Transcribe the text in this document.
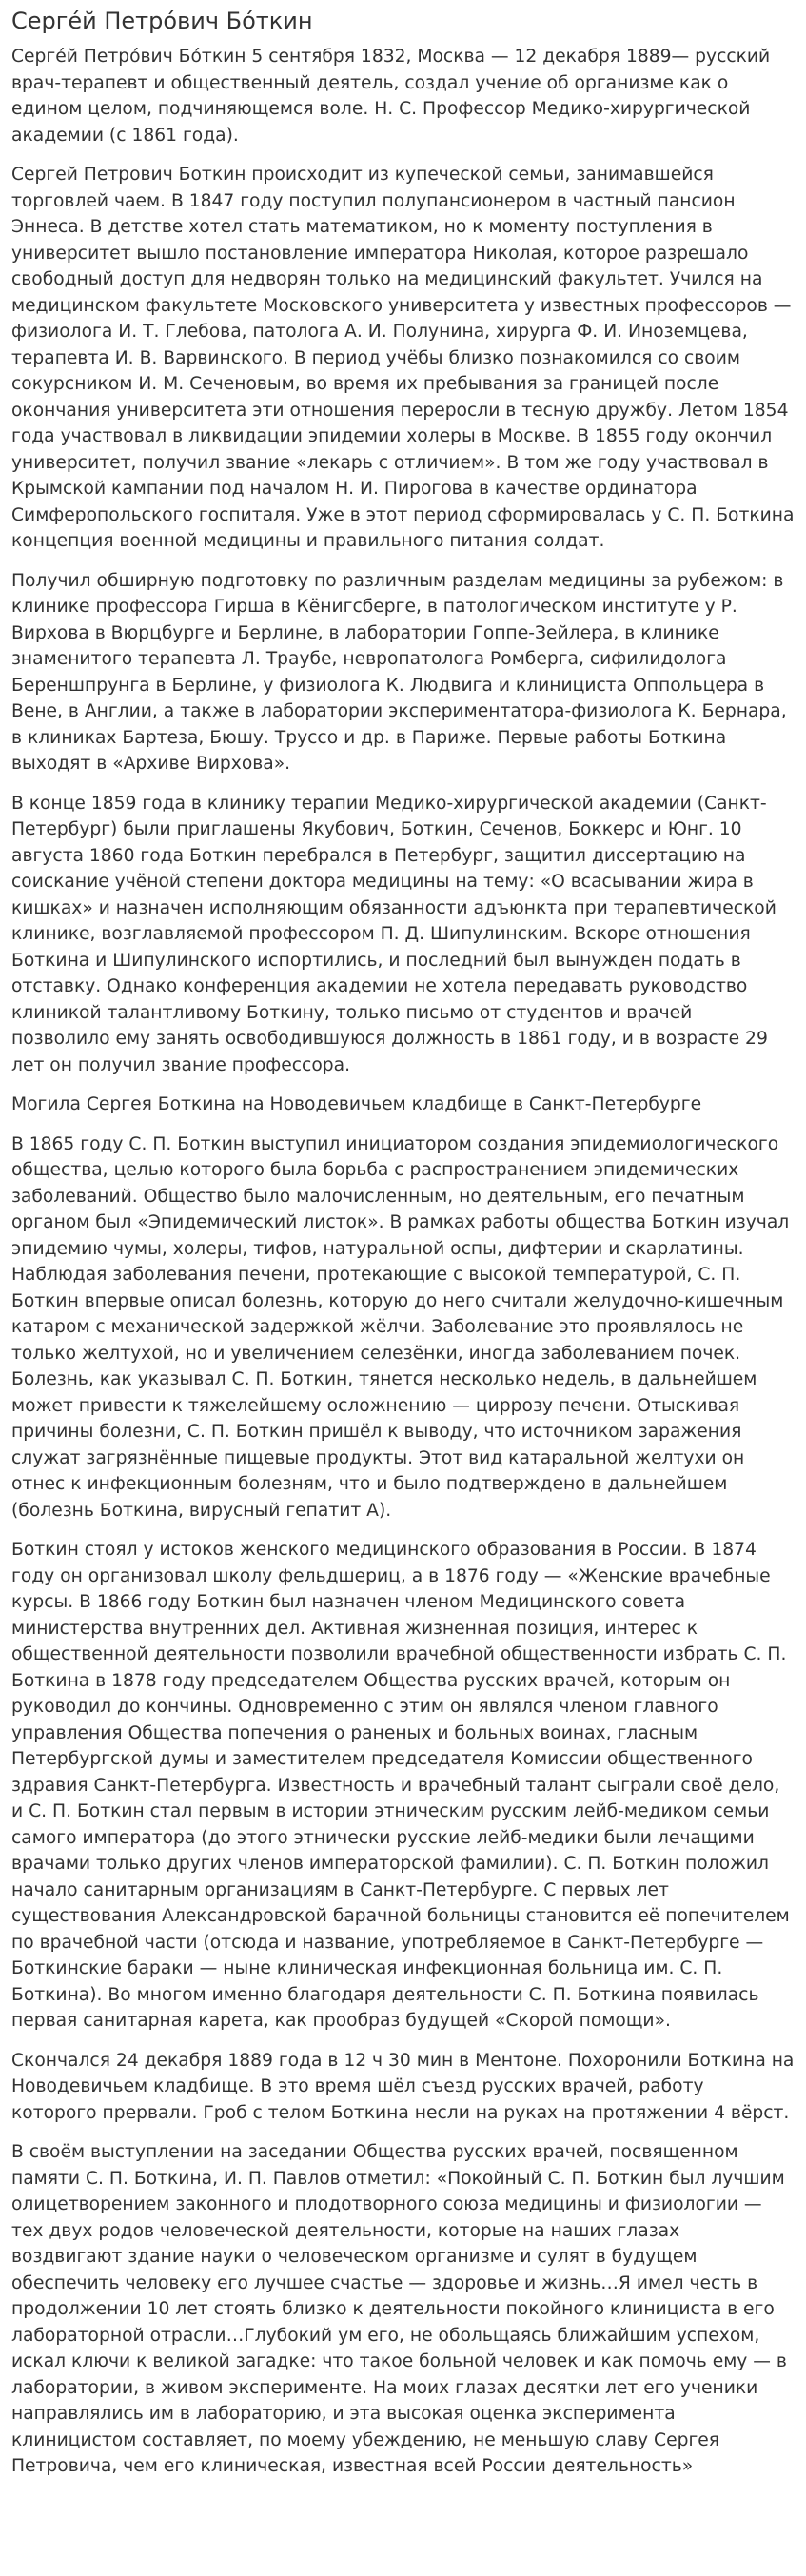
Серге́й Петро́вич Бо́ткин

Серге́й Петро́вич Бо́ткин 5 сентября 1832, Москва — 12 декабря 1889— русский врач-терапевт и общественный деятель, создал учение об организме как о едином целом, подчиняющемся воле. Н. С. Профессор Медико-хирургической академии (с 1861 года).

Сергей Петрович Боткин происходит из купеческой семьи, занимавшейся торговлей чаем. В 1847 году поступил полупансионером в частный пансион Эннеса. В детстве хотел стать математиком, но к моменту поступления в университет вышло постановление императора Николая, которое разрешало свободный доступ для недворян только на медицинский факультет. Учился на медицинском факультете Московского университета у известных профессоров — физиолога И. Т. Глебова, патолога А. И. Полунина, хирурга Ф. И. Иноземцева, терапевта И. В. Варвинского. В период учёбы близко познакомился со своим сокурсником И. М. Сеченовым, во время их пребывания за границей после окончания университета эти отношения переросли в тесную дружбу. Летом 1854 года участвовал в ликвидации эпидемии холеры в Москве. В 1855 году окончил университет, получил звание «лекарь с отличием». В том же году участвовал в Крымской кампании под началом Н. И. Пирогова в качестве ординатора Симферопольского госпиталя. Уже в этот период сформировалась у С. П. Боткина концепция военной медицины и правильного питания солдат.

Получил обширную подготовку по различным разделам медицины за рубежом: в клинике профессора Гирша в Кёнигсберге, в патологическом институте у Р. Вирхова в Вюрцбурге и Берлине, в лаборатории Гоппе-Зейлера, в клинике знаменитого терапевта Л. Траубе, невропатолога Ромберга, сифилидолога Береншпрунга в Берлине, у физиолога К. Людвига и клинициста Оппольцера в Вене, в Англии, а также в лаборатории экспериментатора-физиолога К. Бернара, в клиниках Бартеза, Бюшу. Труссо и др. в Париже. Первые работы Боткина выходят в «Архиве Вирхова».

В конце 1859 года в клинику терапии Медико-хирургической академии (Санкт-Петербург) были приглашены Якубович, Боткин, Сеченов, Боккерс и Юнг. 10 августа 1860 года Боткин перебрался в Петербург, защитил диссертацию на соискание учёной степени доктора медицины на тему: «О всасывании жира в кишках» и назначен исполняющим обязанности адъюнкта при терапевтической клинике, возглавляемой профессором П. Д. Шипулинским. Вскоре отношения Боткина и Шипулинского испортились, и последний был вынужден подать в отставку. Однако конференция академии не хотела передавать руководство клиникой талантливому Боткину, только письмо от студентов и врачей позволило ему занять освободившуюся должность в 1861 году, и в возрасте 29 лет он получил звание профессора.

Могила Сергея Боткина на Новодевичьем кладбище в Санкт-Петербурге

В 1865 году С. П. Боткин выступил инициатором создания эпидемиологического общества, целью которого была борьба с распространением эпидемических заболеваний. Общество было малочисленным, но деятельным, его печатным органом был «Эпидемический листок». В рамках работы общества Боткин изучал эпидемию чумы, холеры, тифов, натуральной оспы, дифтерии и скарлатины. Наблюдая заболевания печени, протекающие с высокой температурой, С. П. Боткин впервые описал болезнь, которую до него считали желудочно-кишечным катаром с механической задержкой жёлчи. Заболевание это проявлялось не только желтухой, но и увеличением селезёнки, иногда заболеванием почек. Болезнь, как указывал С. П. Боткин, тянется несколько недель, в дальнейшем может привести к тяжелейшему осложнению — циррозу печени. Отыскивая причины болезни, С. П. Боткин пришёл к выводу, что источником заражения служат загрязнённые пищевые продукты. Этот вид катаральной желтухи он отнес к инфекционным болезням, что и было подтверждено в дальнейшем (болезнь Боткина, вирусный гепатит А).

Боткин стоял у истоков женского медицинского образования в России. В 1874 году он организовал школу фельдшериц, а в 1876 году — «Женские врачебные курсы. В 1866 году Боткин был назначен членом Медицинского совета министерства внутренних дел. Активная жизненная позиция, интерес к общественной деятельности позволили врачебной общественности избрать С. П. Боткина в 1878 году председателем Общества русских врачей, которым он руководил до кончины. Одновременно с этим он являлся членом главного управления Общества попечения о раненых и больных воинах, гласным Петербургской думы и заместителем председателя Комиссии общественного здравия Санкт-Петербурга. Известность и врачебный талант сыграли своё дело, и С. П. Боткин стал первым в истории этническим русским лейб-медиком семьи самого императора (до этого этнически русские лейб-медики были лечащими врачами только других членов императорской фамилии). С. П. Боткин положил начало санитарным организациям в Санкт-Петербурге. С первых лет существования Александровской барачной больницы становится её попечителем по врачебной части (отсюда и название, употребляемое в Санкт-Петербурге — Боткинские бараки — ныне клиническая инфекционная больница им. С. П. Боткина). Во многом именно благодаря деятельности С. П. Боткина появилась первая санитарная карета, как прообраз будущей «Скорой помощи».

Скончался 24 декабря 1889 года в 12 ч 30 мин в Ментоне. Похоронили Боткина на Новодевичьем кладбище. В это время шёл съезд русских врачей, работу которого прервали. Гроб с телом Боткина несли на руках на протяжении 4 вёрст.

В своём выступлении на заседании Общества русских врачей, посвященном памяти С. П. Боткина, И. П. Павлов отметил: «Покойный С. П. Боткин был лучшим олицетворением законного и плодотворного союза медицины и физиологии — тех двух родов человеческой деятельности, которые на наших глазах воздвигают здание науки о человеческом организме и сулят в будущем обеспечить человеку его лучшее счастье — здоровье и жизнь…Я имел честь в продолжении 10 лет стоять близко к деятельности покойного клинициста в его лабораторной отрасли…Глубокий ум его, не обольщаясь ближайшим успехом, искал ключи к великой загадке: что такое больной человек и как помочь ему — в лаборатории, в живом эксперименте. На моих глазах десятки лет его ученики направлялись им в лабораторию, и эта высокая оценка эксперимента клиницистом составляет, по моему убеждению, не меньшую славу Сергея Петровича, чем его клиническая, известная всей России деятельность»
